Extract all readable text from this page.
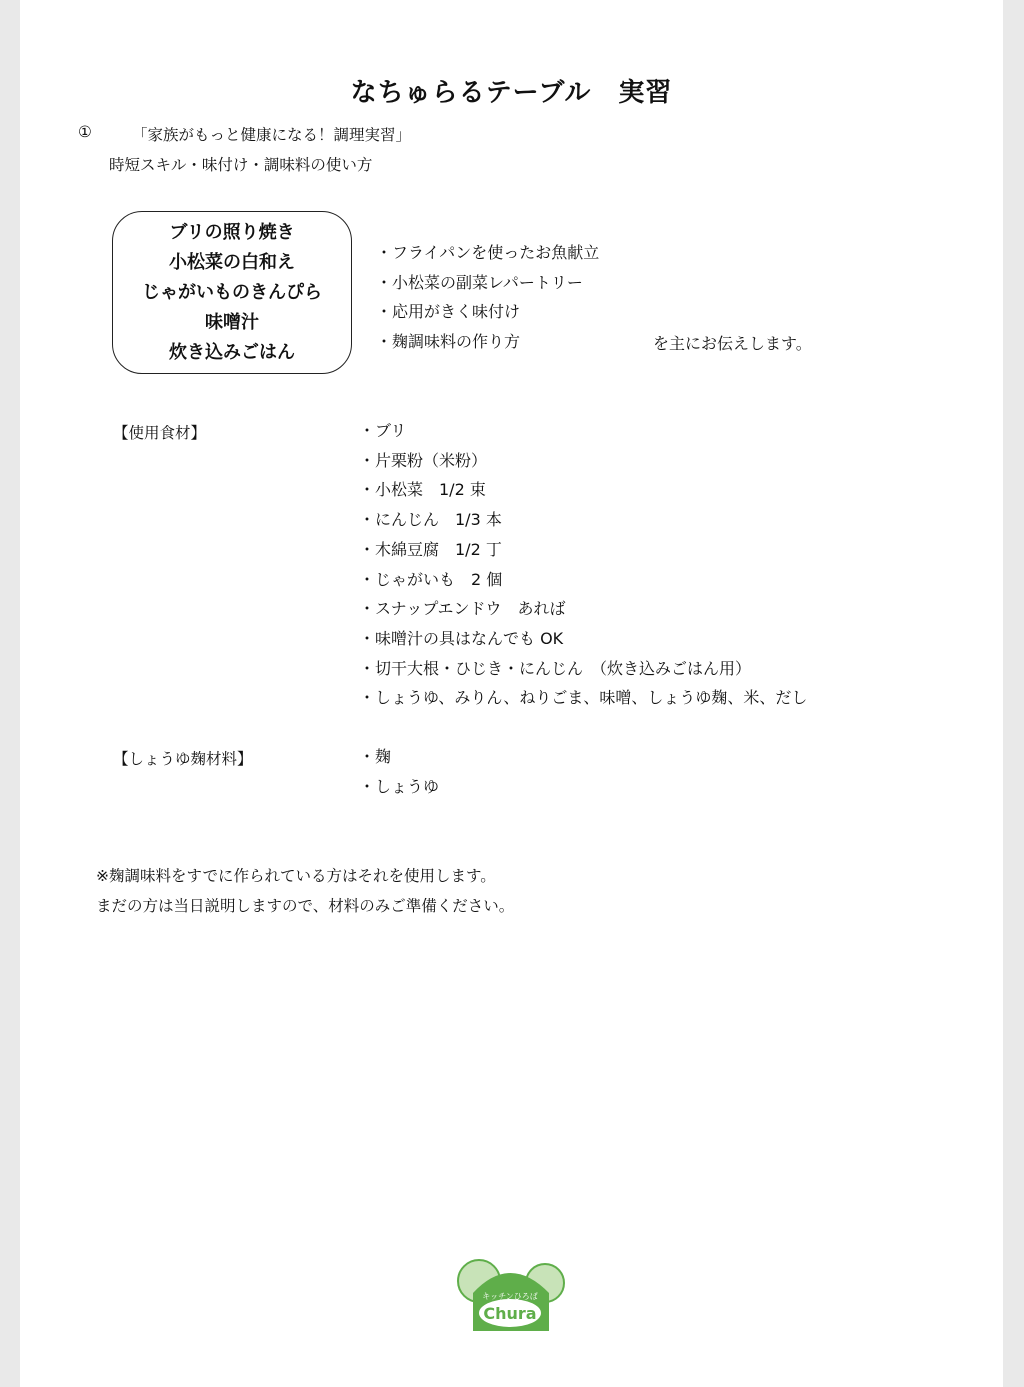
なちゅらるテーブル　実習
①	「家族がもっと健康になる！調理実習」
時短スキル・味付け・調味料の使い方
ブリの照り焼き
小松菜の白和え
じゃがいものきんぴら
味噌汁
炊き込みごはん
・フライパンを使ったお魚献立
・小松菜の副菜レパートリー
・応用がきく味付け
・麹調味料の作り方	を主にお伝えします。
【使用食材】	・ブリ
・片栗粉（米粉）
・小松菜　1/2 束
・にんじん　1/3 本
・木綿豆腐　1/2 丁
・じゃがいも　2 個
・スナップエンドウ　あれば
・味噌汁の具はなんでも OK
・切干大根・ひじき・にんじん　（炊き込みごはん用）
・しょうゆ、みりん、ねりごま、味噌、しょうゆ麹、米、だし
【しょうゆ麹材料】	・麹
・しょうゆ
※麹調味料をすでに作られている方はそれを使用します。
まだの方は当日説明しますので、材料のみご準備ください。
キッチンひろば
Chura
